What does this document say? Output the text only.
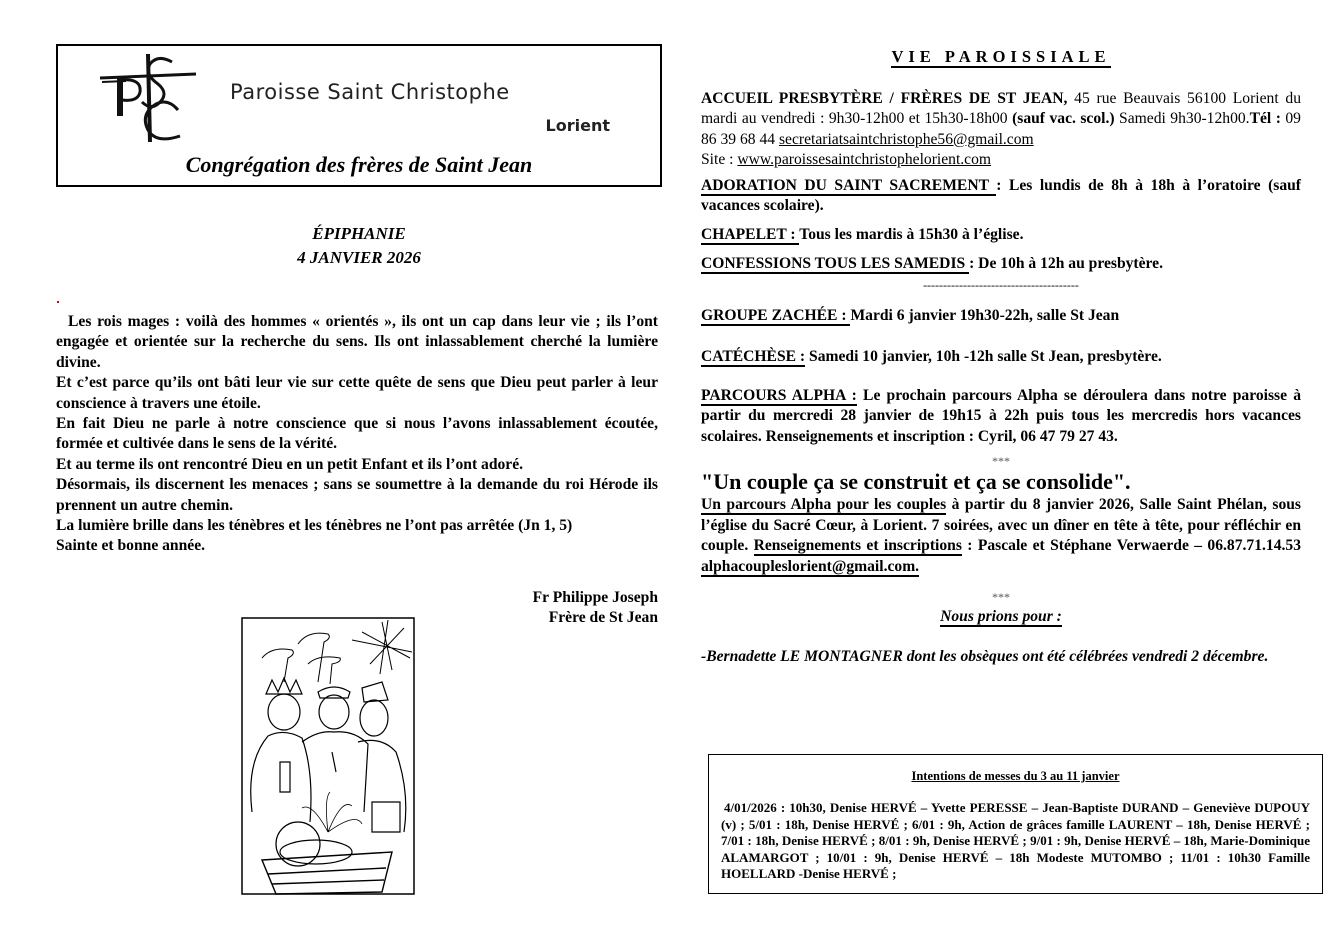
Paroisse Saint Christophe
Lorient
Congrégation des frères de Saint Jean
ÉPIPHANIE
4 JANVIER 2026

Les rois mages : voilà des hommes « orientés », ils ont un cap dans leur vie ; ils l’ont engagée et orientée sur la recherche du sens. Ils ont inlassablement cherché la lumière divine.

Et c’est parce qu’ils ont bâti leur vie sur cette quête de sens que Dieu peut parler à leur conscience à travers une étoile.

En fait Dieu ne parle à notre conscience que si nous l’avons inlassablement écoutée, formée et cultivée dans le sens de la vérité.

Et au terme ils ont rencontré Dieu en un petit Enfant et ils l’ont adoré.

Désormais, ils discernent les menaces ; sans se soumettre à la demande du roi Hérode ils prennent un autre chemin.

La lumière brille dans les ténèbres et les ténèbres ne l’ont pas arrêtée (Jn 1, 5)

Sainte et bonne année.

Fr Philippe Joseph
Frère de St Jean
VIE PAROISSIALE
ACCUEIL PRESBYTÈRE / FRÈRES DE ST JEAN, 45 rue Beauvais 56100 Lorient du mardi au vendredi : 9h30-12h00 et 15h30-18h00 (sauf vac. scol.) Samedi 9h30-12h00.Tél : 09 86 39 68 44 secretariatsaintchristophe56@gmail.com
Site : www.paroissesaintchristophelorient.com
ADORATION DU SAINT SACREMENT : Les lundis de 8h à 18h à l’oratoire (sauf vacances scolaire).
CHAPELET : Tous les mardis à 15h30 à l’église.
CONFESSIONS TOUS LES SAMEDIS : De 10h à 12h au presbytère.
---------------------------------------
GROUPE ZACHÉE : Mardi 6 janvier 19h30-22h, salle St Jean
CATÉCHÈSE : Samedi 10 janvier, 10h -12h salle St Jean, presbytère.
PARCOURS ALPHA : Le prochain parcours Alpha se déroulera dans notre paroisse à partir du mercredi 28 janvier de 19h15 à 22h puis tous les mercredis hors vacances scolaires. Renseignements et inscription : Cyril, 06 47 79 27 43.
***
"Un couple ça se construit et ça se consolide".
Un parcours Alpha pour les couples à partir du 8 janvier 2026, Salle Saint Phélan, sous l’église du Sacré Cœur, à Lorient. 7 soirées, avec un dîner en tête à tête, pour réfléchir en couple. Renseignements et inscriptions : Pascale et Stéphane Verwaerde – 06.87.71.14.53 alphacoupleslorient@gmail.com.
***
Nous prions pour :

-Bernadette LE MONTAGNER dont les obsèques ont été célébrées vendredi 2 décembre.

Intentions de messes du 3 au 11 janvier
4/01/2026 : 10h30, Denise HERVÉ – Yvette PERESSE – Jean-Baptiste DURAND – Geneviève DUPOUY (v) ; 5/01 : 18h, Denise HERVÉ ; 6/01 : 9h, Action de grâces famille LAURENT – 18h, Denise HERVÉ ; 7/01 : 18h, Denise HERVÉ ; 8/01 : 9h, Denise HERVÉ ; 9/01 : 9h, Denise HERVÉ – 18h, Marie-Dominique ALAMARGOT ; 10/01 : 9h, Denise HERVÉ – 18h Modeste MUTOMBO ; 11/01 : 10h30 Famille HOELLARD -Denise HERVÉ ;
